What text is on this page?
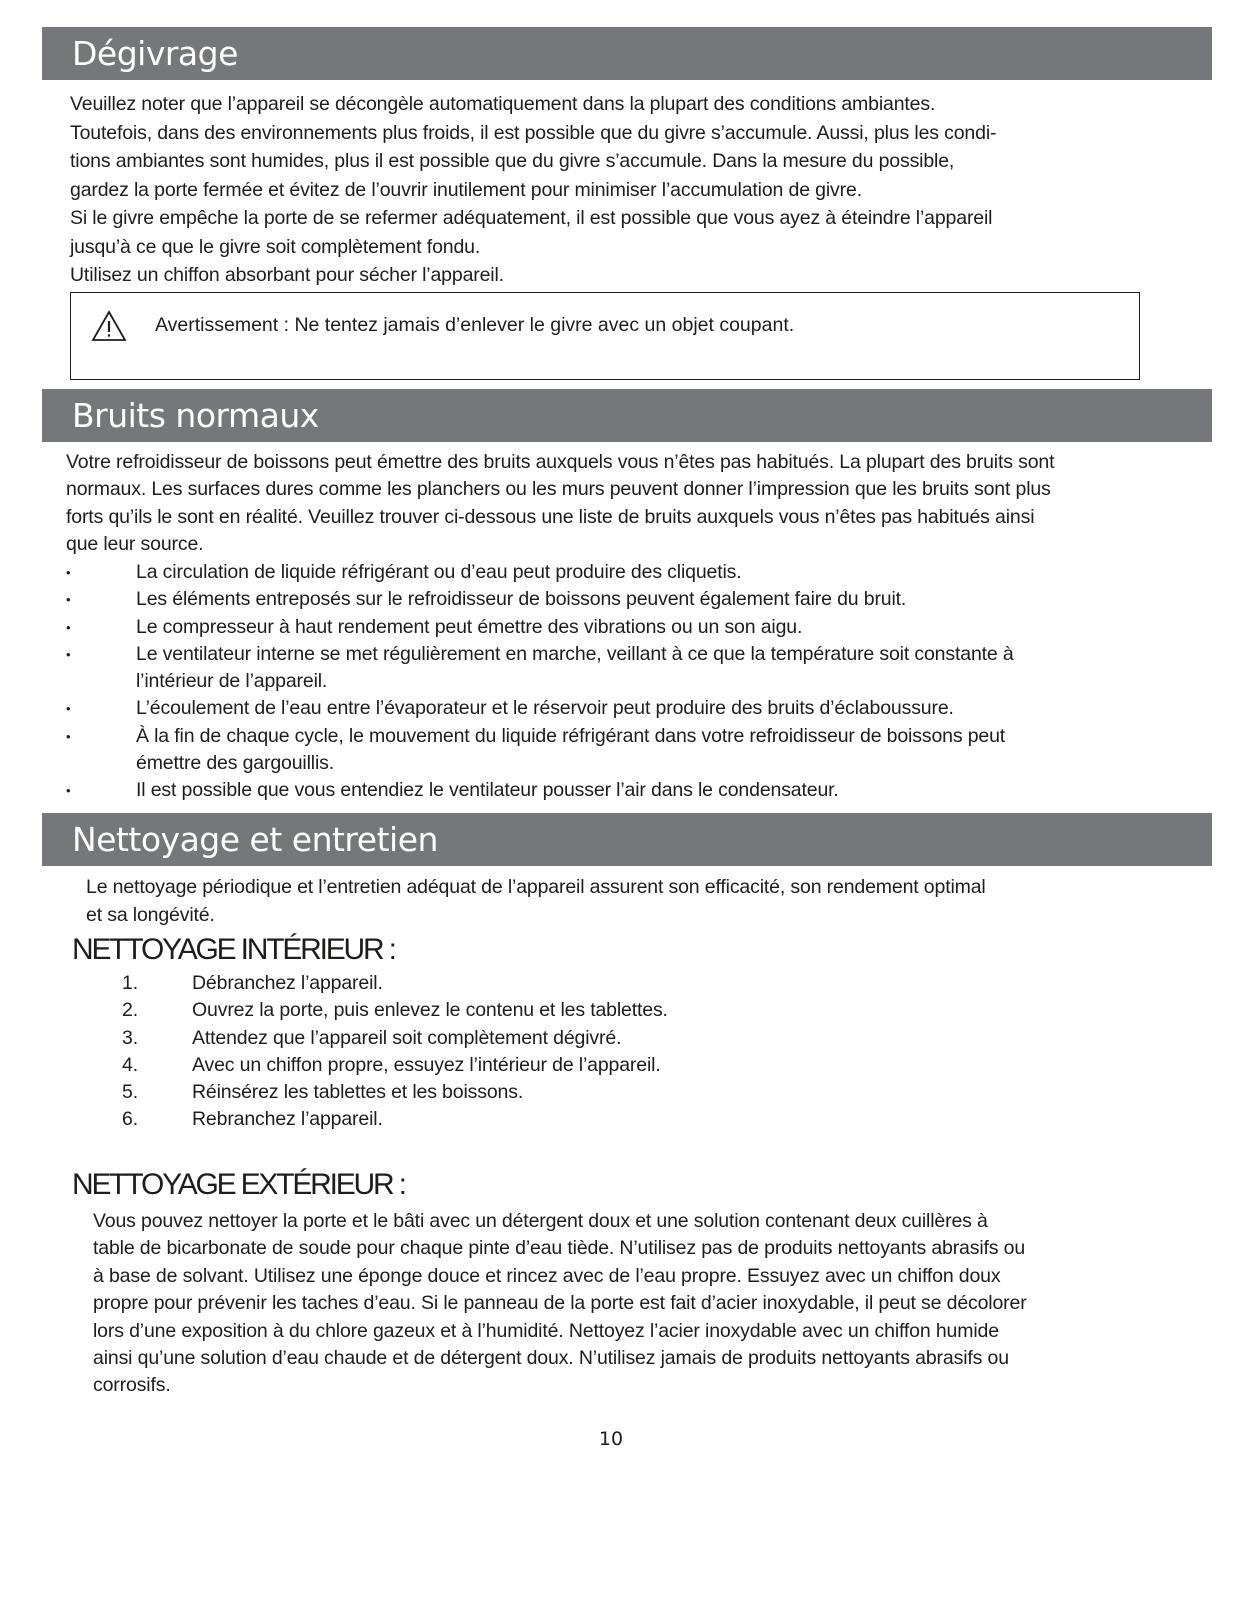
Dégivrage
Veuillez noter que l’appareil se décongèle automatiquement dans la plupart des conditions ambiantes.
Toutefois, dans des environnements plus froids, il est possible que du givre s’accumule. Aussi, plus les condi-
tions ambiantes sont humides, plus il est possible que du givre s’accumule. Dans la mesure du possible,
gardez la porte fermée et évitez de l’ouvrir inutilement pour minimiser l’accumulation de givre.
Si le givre empêche la porte de se refermer adéquatement, il est possible que vous ayez à éteindre l’appareil
jusqu’à ce que le givre soit complètement fondu.
Utilisez un chiffon absorbant pour sécher l’appareil.
Avertissement : Ne tentez jamais d’enlever le givre avec un objet coupant.
Bruits normaux
Votre refroidisseur de boissons peut émettre des bruits auxquels vous n’êtes pas habitués. La plupart des bruits sont
normaux. Les surfaces dures comme les planchers ou les murs peuvent donner l’impression que les bruits sont plus
forts qu’ils le sont en réalité. Veuillez trouver ci-dessous une liste de bruits auxquels vous n’êtes pas habitués ainsi
que leur source.
•	La circulation de liquide réfrigérant ou d’eau peut produire des cliquetis.
•	Les éléments entreposés sur le refroidisseur de boissons peuvent également faire du bruit.
•	Le compresseur à haut rendement peut émettre des vibrations ou un son aigu.
•	Le ventilateur interne se met régulièrement en marche, veillant à ce que la température soit constante à
l’intérieur de l’appareil.
•	L’écoulement de l’eau entre l’évaporateur et le réservoir peut produire des bruits d’éclaboussure.
•	À la fin de chaque cycle, le mouvement du liquide réfrigérant dans votre refroidisseur de boissons peut
émettre des gargouillis.
•	Il est possible que vous entendiez le ventilateur pousser l’air dans le condensateur.
Nettoyage et entretien
Le nettoyage périodique et l’entretien adéquat de l’appareil assurent son efficacité, son rendement optimal
et sa longévité.
NETTOYAGE INTÉRIEUR :
1.	Débranchez l’appareil.
2.	Ouvrez la porte, puis enlevez le contenu et les tablettes.
3.	Attendez que l’appareil soit complètement dégivré.
4.	Avec un chiffon propre, essuyez l’intérieur de l’appareil.
5.	Réinsérez les tablettes et les boissons.
6.	Rebranchez l’appareil.
NETTOYAGE EXTÉRIEUR :
Vous pouvez nettoyer la porte et le bâti avec un détergent doux et une solution contenant deux cuillères à
table de bicarbonate de soude pour chaque pinte d’eau tiède. N’utilisez pas de produits nettoyants abrasifs ou
à base de solvant. Utilisez une éponge douce et rincez avec de l’eau propre. Essuyez avec un chiffon doux
propre pour prévenir les taches d’eau. Si le panneau de la porte est fait d’acier inoxydable, il peut se décolorer
lors d’une exposition à du chlore gazeux et à l’humidité. Nettoyez l’acier inoxydable avec un chiffon humide
ainsi qu’une solution d’eau chaude et de détergent doux. N’utilisez jamais de produits nettoyants abrasifs ou
corrosifs.
10
